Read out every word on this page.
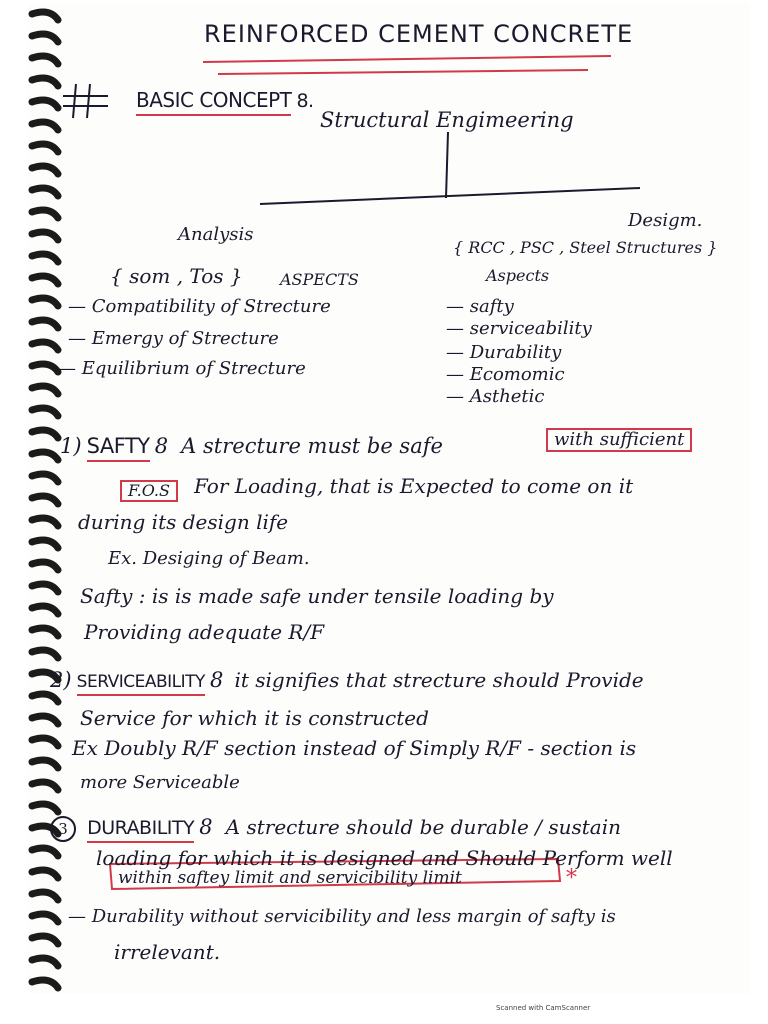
REINFORCED CEMENT CONCRETE
BASIC CONCEPT 8.
Structural Engimeering
Analysis
Desigm.
{ som , Tos } ASPECTS
{ RCC , PSC , Steel Structures }
Aspects
— Compatibility of Strecture
— Emergy of Strecture
— Equilibrium of Strecture
— safty
— serviceability
— Durability
— Ecomomic
— Asthetic
1) SAFTY 8 A strecture must be safe	with sufficient
F.O.S	For Loading, that is Expected to come on it
during its design life
Ex. Desiging of Beam.
Safty : is is made safe under tensile loading by
Providing adequate R/F
2) SERVICEABILITY 8 it signifies that strecture should Provide
Service for which it is constructed
Ex Doubly R/F section instead of Simply R/F - section is
more Serviceable
3 DURABILITY 8 A strecture should be durable / sustain
loading for which it is designed and Should Perform well
within saftey limit and servicibility limit	*
— Durability without servicibility and less margin of safty is
irrelevant.
Scanned with CamScanner
